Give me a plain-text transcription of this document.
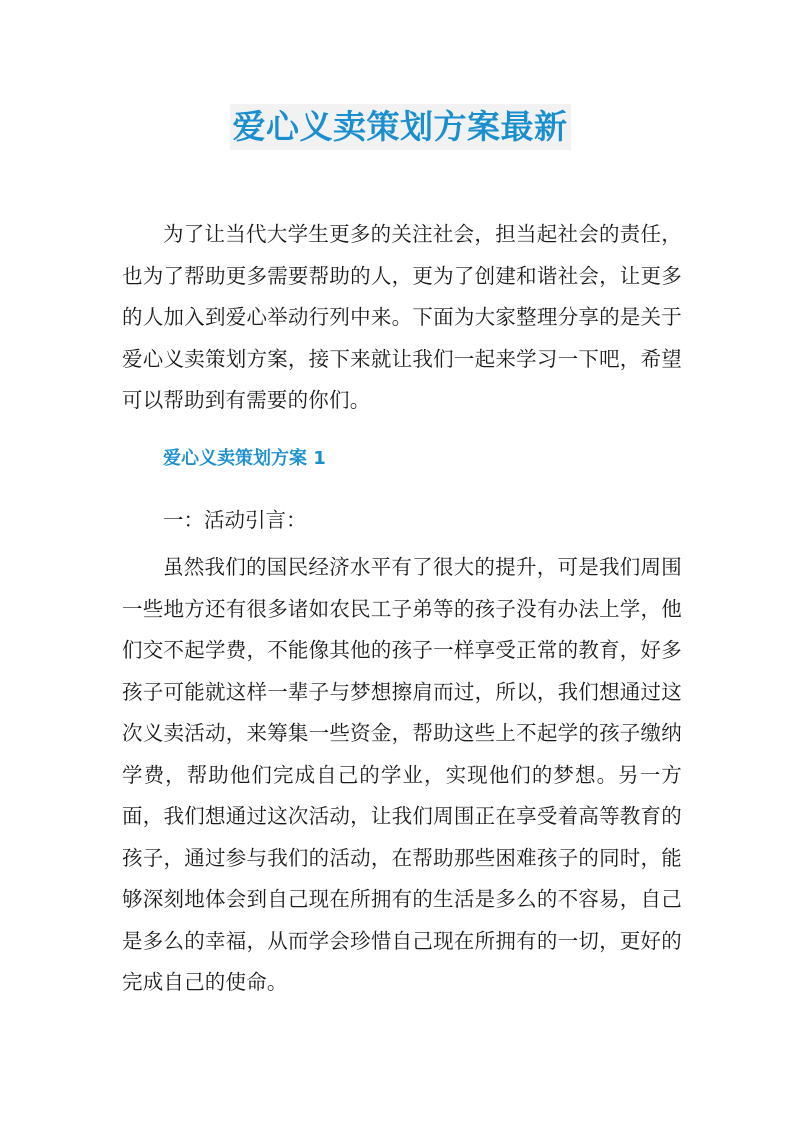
爱心义卖策划方案最新

为了让当代大学生更多的关注社会，担当起社会的责任，也为了帮助更多需要帮助的人，更为了创建和谐社会，让更多的人加入到爱心举动行列中来。下面为大家整理分享的是关于爱心义卖策划方案，接下来就让我们一起来学习一下吧，希望可以帮助到有需要的你们。

爱心义卖策划方案 1

一：活动引言：

虽然我们的国民经济水平有了很大的提升，可是我们周围一些地方还有很多诸如农民工子弟等的孩子没有办法上学，他们交不起学费，不能像其他的孩子一样享受正常的教育，好多孩子可能就这样一辈子与梦想擦肩而过，所以，我们想通过这次义卖活动，来筹集一些资金，帮助这些上不起学的孩子缴纳学费，帮助他们完成自己的学业，实现他们的梦想。另一方面，我们想通过这次活动，让我们周围正在享受着高等教育的孩子，通过参与我们的活动，在帮助那些困难孩子的同时，能够深刻地体会到自己现在所拥有的生活是多么的不容易，自己是多么的幸福，从而学会珍惜自己现在所拥有的一切，更好的完成自己的使命。
